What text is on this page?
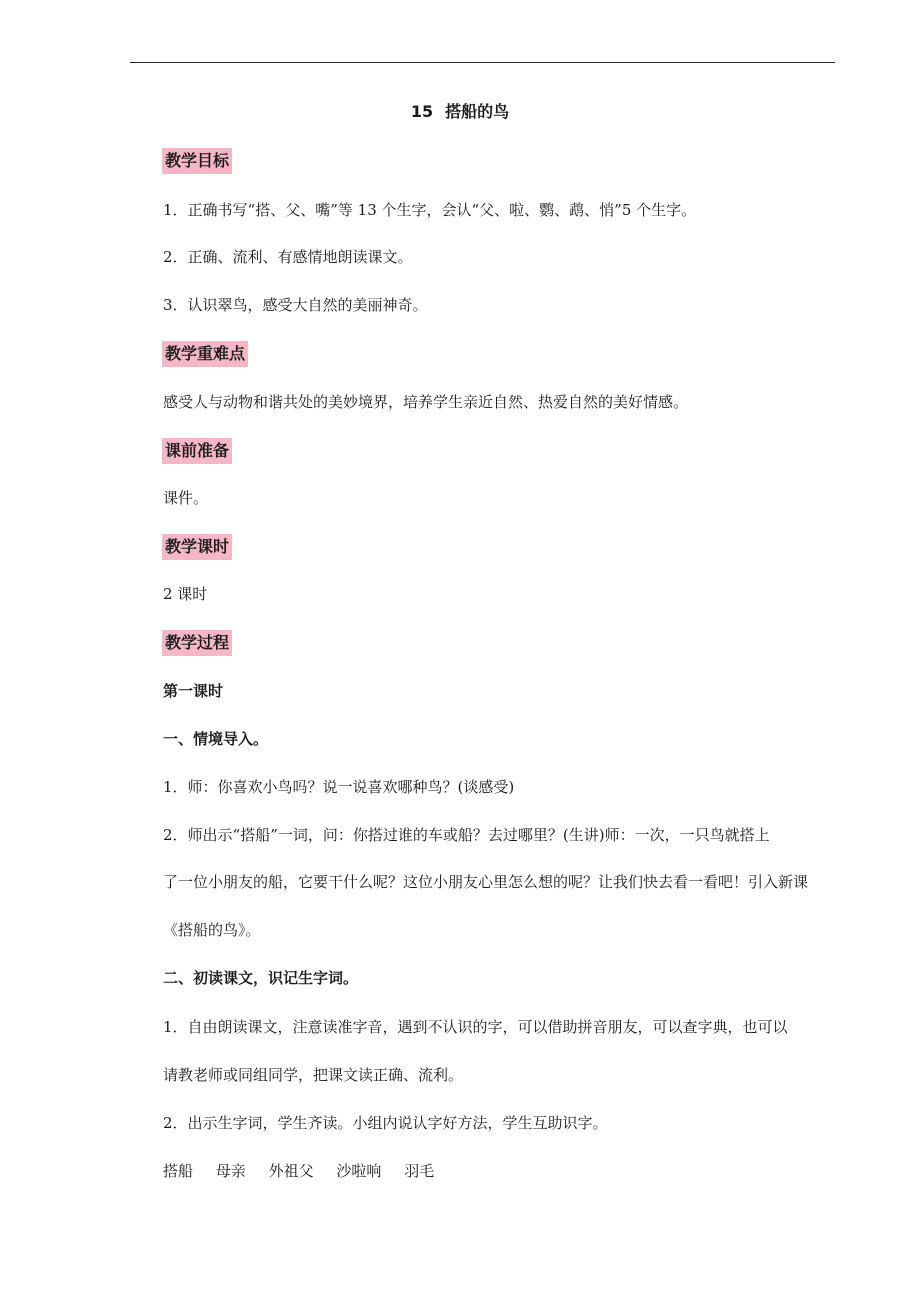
15 搭船的鸟
教学目标
1．正确书写“搭、父、嘴”等 13 个生字，会认“父、啦、鹦、鹉、悄”5 个生字。
2．正确、流利、有感情地朗读课文。
3．认识翠鸟，感受大自然的美丽神奇。
教学重难点
感受人与动物和谐共处的美妙境界，培养学生亲近自然、热爱自然的美好情感。
课前准备
课件。
教学课时
2 课时
教学过程
第一课时
一、情境导入。
1．师：你喜欢小鸟吗？说一说喜欢哪种鸟？(谈感受)
2．师出示“搭船”一词，问：你搭过谁的车或船？去过哪里？(生讲)师：一次，一只鸟就搭上
了一位小朋友的船，它要干什么呢？这位小朋友心里怎么想的呢？让我们快去看一看吧！引入新课
《搭船的鸟》。
二、初读课文，识记生字词。
1．自由朗读课文，注意读准字音，遇到不认识的字，可以借助拼音朋友，可以查字典，也可以
请教老师或同组同学，把课文读正确、流利。
2．出示生字词，学生齐读。小组内说认字好方法，学生互助识字。
搭船 母亲 外祖父 沙啦响 羽毛
